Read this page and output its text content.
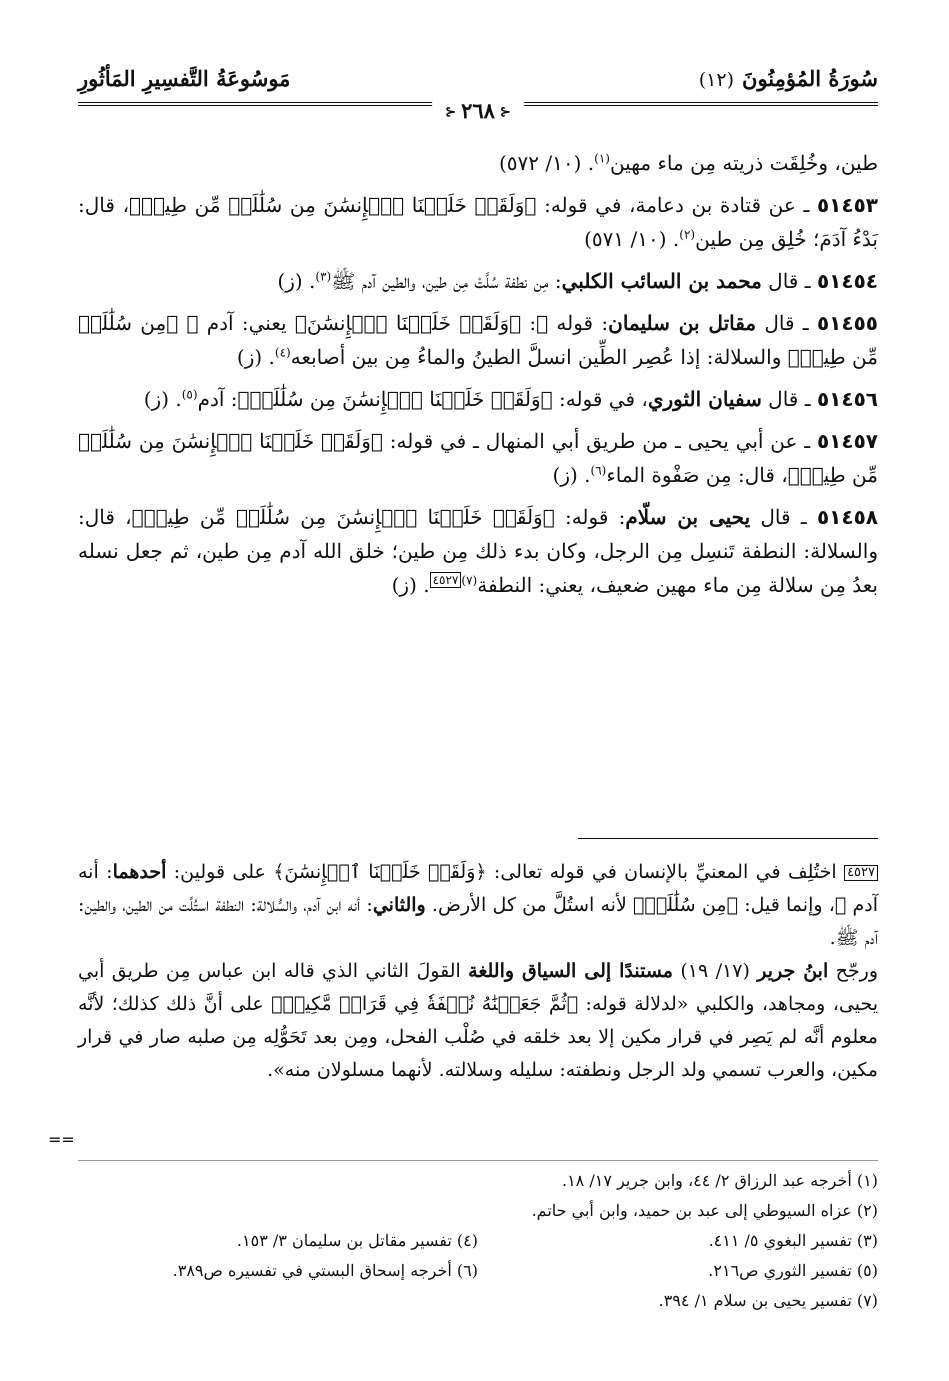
سُورَةُ المُؤمِنُونَ(١٢)
مَوسُوعَةُ التَّفسِيرِ المَأثُورِ
⊰٢٦٨⊰

طين، وخُلِقَت ذريته مِن ماء مهين$^{(١)}$. (١٠/ ٥٧٢)

٥١٤٥٣ ـ عن قتادة بن دعامة، في قوله: ﴿وَلَقَدۡ خَلَقۡنَا ٱلۡإِنسَٰنَ مِن سُلَٰلَةٖ مِّن طِينٖ﴾، قال: بَدْءُ آدَمَ؛ خُلِق مِن طين$^{(٢)}$. (١٠/ ٥٧١)

٥١٤٥٤ ـ قال محمد بن السائب الكلبي: مِن نطفة سُلَّتْ مِن طين، والطين آدم ﷺ$^{(٣)}$. (ز)

٥١٤٥٥ ـ قال مقاتل بن سليمان: قوله ﷻ: ﴿وَلَقَدۡ خَلَقۡنَا ٱلۡإِنسَٰنَ﴾ يعني: آدم ﷺ ﴿مِن سُلَٰلَةٖ مِّن طِينٖ﴾ والسلالة: إذا عُصِر الطِّين انسلَّ الطينُ والماءُ مِن بين أصابعه$^{(٤)}$. (ز)

٥١٤٥٦ ـ قال سفيان الثوري، في قوله: ﴿وَلَقَدۡ خَلَقۡنَا ٱلۡإِنسَٰنَ مِن سُلَٰلَةٖ﴾: آدم$^{(٥)}$. (ز)

٥١٤٥٧ ـ عن أبي يحيى ـ من طريق أبي المنهال ـ في قوله: ﴿وَلَقَدۡ خَلَقۡنَا ٱلۡإِنسَٰنَ مِن سُلَٰلَةٖ مِّن طِينٖ﴾، قال: مِن صَفْوة الماء$^{(٦)}$. (ز)

٥١٤٥٨ ـ قال يحيى بن سلّام: قوله: ﴿وَلَقَدۡ خَلَقۡنَا ٱلۡإِنسَٰنَ مِن سُلَٰلَةٖ مِّن طِينٖ﴾، قال: والسلالة: النطفة تَنسِل مِن الرجل، وكان بدء ذلك مِن طين؛ خلق الله آدم مِن طين، ثم جعل نسله بعدُ مِن سلالة مِن ماء مهين ضعيف، يعني: النطفة$^{(٧)}$٤٥٢٧. (ز)

٤٥٢٧ اختُلِف في المعنيِّ بالإنسان في قوله تعالى: ﴿وَلَقَدۡ خَلَقۡنَا ٱلۡإِنسَٰنَ﴾ على قولين: أحدهما: أنه آدم ﷺ، وإنما قيل: ﴿مِن سُلَٰلَةٖ﴾ لأنه استُلَّ من كل الأرض. والثاني: أنه ابن آدم، والسُّلالة: النطفة استُلَّت من الطين، والطين: آدم ﷺ.

ورجّح ابنُ جرير (١٧/ ١٩) مستندًا إلى السياق واللغة القولَ الثاني الذي قاله ابن عباس مِن طريق أبي يحيى، ومجاهد، والكلبي «لدلالة قوله: ﴿ثُمَّ جَعَلۡنَٰهُ نُطۡفَةٗ فِي قَرَارٖ مَّكِينٖ﴾ على أنَّ ذلك كذلك؛ لأنَّه معلوم أنَّه لم يَصِر في قرار مكين إلا بعد خلقه في صُلْب الفحل، ومِن بعد تَحَوُّلِه مِن صلبه صار في قرار مكين، والعرب تسمي ولد الرجل ونطفته: سليله وسلالته. لأنهما مسلولان منه».

==
(١) أخرجه عبد الرزاق ٢/ ٤٤، وابن جرير ١٧/ ١٨.
(٢) عزاه السيوطي إلى عبد بن حميد، وابن أبي حاتم.
(٣) تفسير البغوي ٥/ ٤١١.
(٤) تفسير مقاتل بن سليمان ٣/ ١٥٣.
(٥) تفسير الثوري ص٢١٦.
(٦) أخرجه إسحاق البستي في تفسيره ص٣٨٩.
(٧) تفسير يحيى بن سلام ١/ ٣٩٤.
